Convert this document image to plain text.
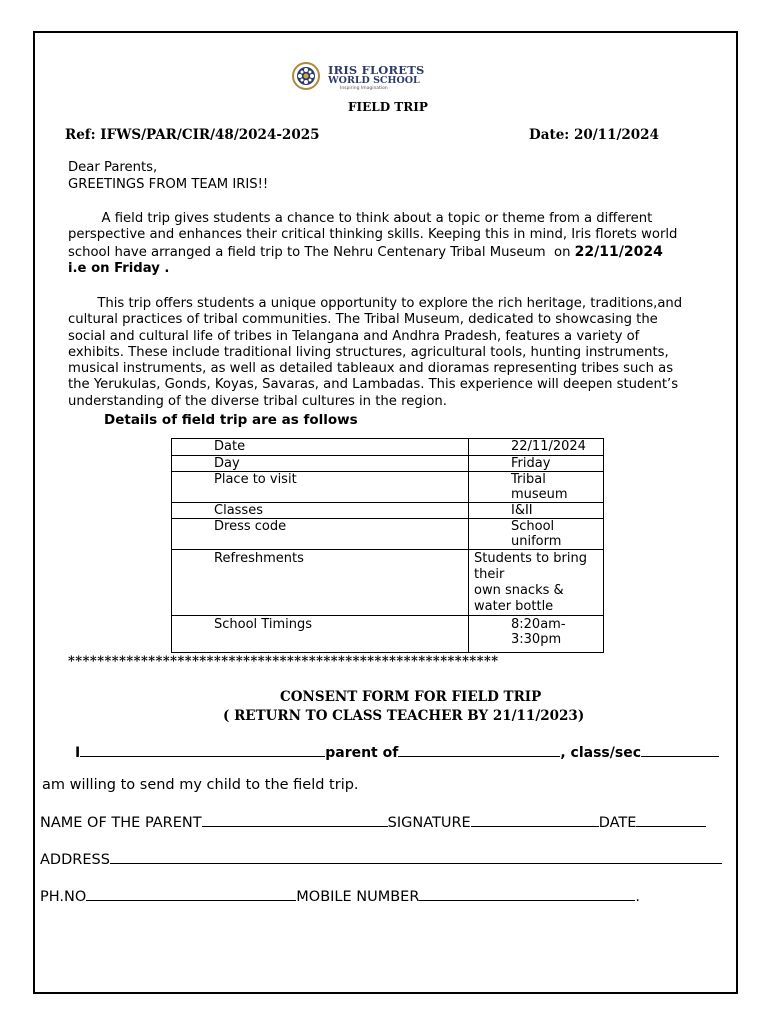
IRIS FLORETS
WORLD SCHOOL
Inspiring Imagination
FIELD TRIP
Ref: IFWS/PAR/CIR/48/2024-2025	Date: 20/11/2024
Dear Parents,
GREETINGS FROM TEAM IRIS!!
A field trip gives students a chance to think about a topic or theme from a different
perspective and enhances their critical thinking skills. Keeping this in mind, Iris florets world
school have arranged a field trip to The Nehru Centenary Tribal Museum  on 22/11/2024
i.e on Friday .
This trip offers students a unique opportunity to explore the rich heritage, traditions,and
cultural practices of tribal communities. The Tribal Museum, dedicated to showcasing the
social and cultural life of tribes in Telangana and Andhra Pradesh, features a variety of
exhibits. These include traditional living structures, agricultural tools, hunting instruments,
musical instruments, as well as detailed tableaux and dioramas representing tribes such as
the Yerukulas, Gonds, Koyas, Savaras, and Lambadas. This experience will deepen student’s
understanding of the diverse tribal cultures in the region.
Details of field trip are as follows
Date	22/11/2024
Day	Friday
Place to visit	Tribal museum
Classes	I&II
Dress code	School uniform
Refreshments	Students to bring their
own snacks &
water bottle
School Timings	8:20am-3:30pm
***********************************************************
CONSENT FORM FOR FIELD TRIP
( RETURN TO CLASS TEACHER BY 21/11/2023)
I	parent of	, class/sec
am willing to send my child to the field trip.
NAME OF THE PARENT	SIGNATURE	DATE
ADDRESS
PH.NO	MOBILE NUMBER	.
